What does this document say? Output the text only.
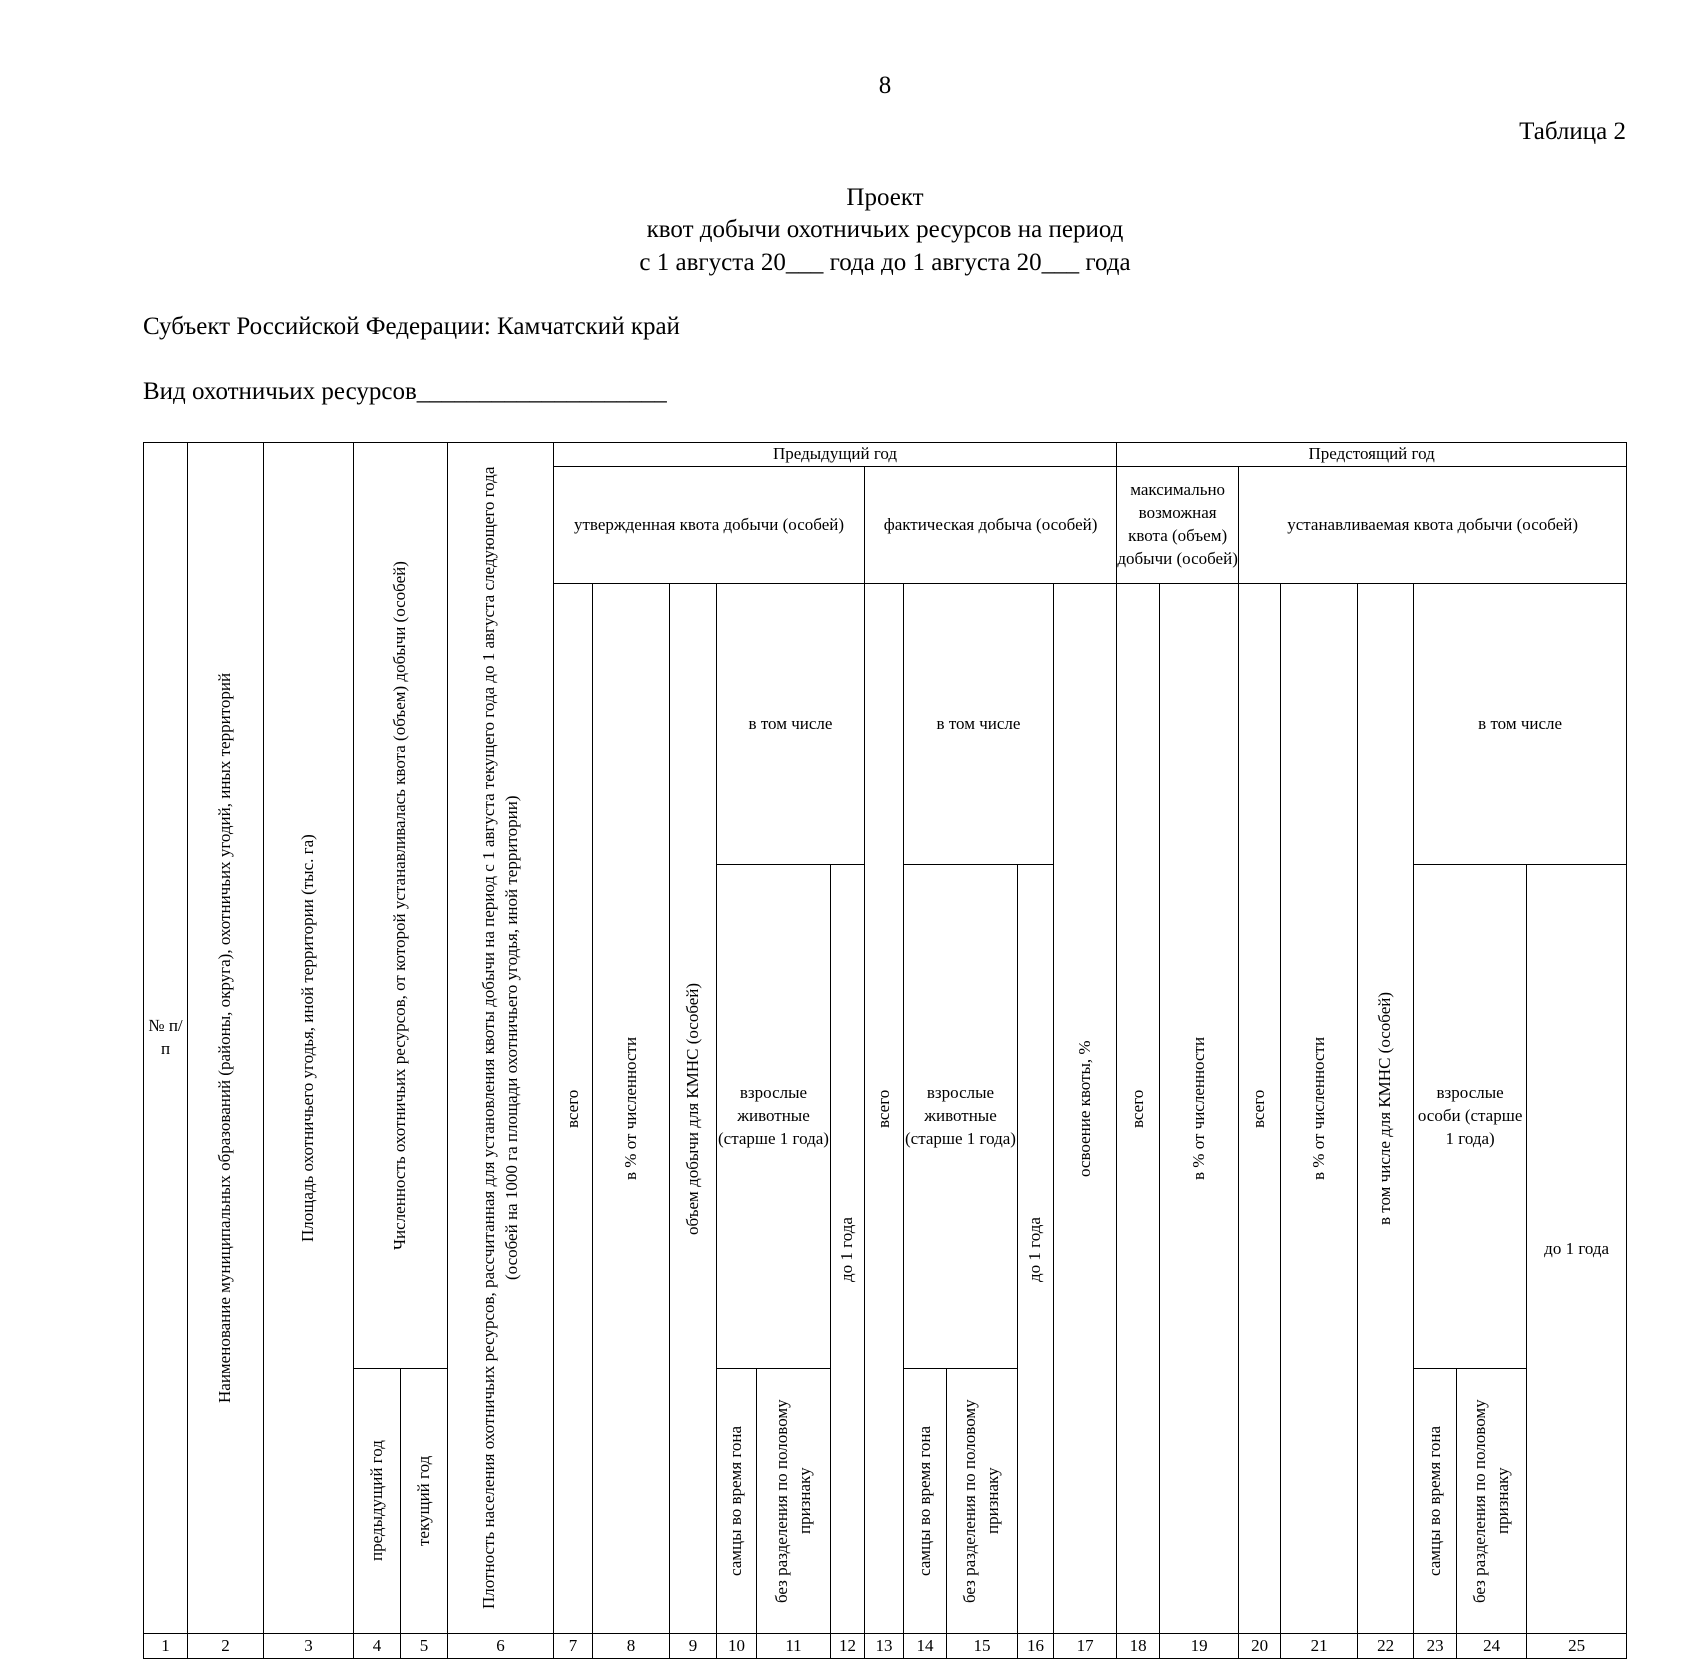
8
Таблица 2
Проект
квот добычи охотничьих ресурсов на период
с 1 августа 20___ года до 1 августа 20___ года
Субъект Российской Федерации: Камчатский край
Вид охотничьих ресурсов____________________
№ п/п	Наименование муниципальных образований (районы, округа), охотничьих угодий, иных территорий	Площадь охотничьего угодья, иной территории (тыс. га)	Численность охотничьих ресурсов, от которой устанавливалась квота (объем) добычи (особей)		Плотность населения охотничьих ресурсов, рассчитанная для установления квоты добычи на период с 1 августа текущего года до 1 августа следующего года (особей на 1000 га площади охотничьего угодья, иной территории)	Предыдущий год											Предстоящий год							
						утвержденная квота добычи (особей)						фактическая добыча (особей)					максимально возможная квота (объем) добычи (особей)		устанавливаемая квота добычи (особей)					

						всего	в % от численности	объем добычи для КМНС (особей)	в том числе			всего	в том числе			освоение квоты, %	всего	в % от численности	всего	в % от численности	в том числе для КМНС (особей)	в том числе		
									взрослые животные (старше 1 года)		до 1 года		взрослые животные (старше 1 года)		до 1 года							взрослые особи (старше 1 года)		до 1 года

			предыдущий год	текущий год					самцы во время гона	без разделения по половому признаку			самцы во время гона	без разделения по половому признаку								самцы во время гона	без разделения по половому признаку	

1	2	3	4	5	6	7	8	9	10	11	12	13	14	15	16	17	18	19	20	21	22	23	24	25
